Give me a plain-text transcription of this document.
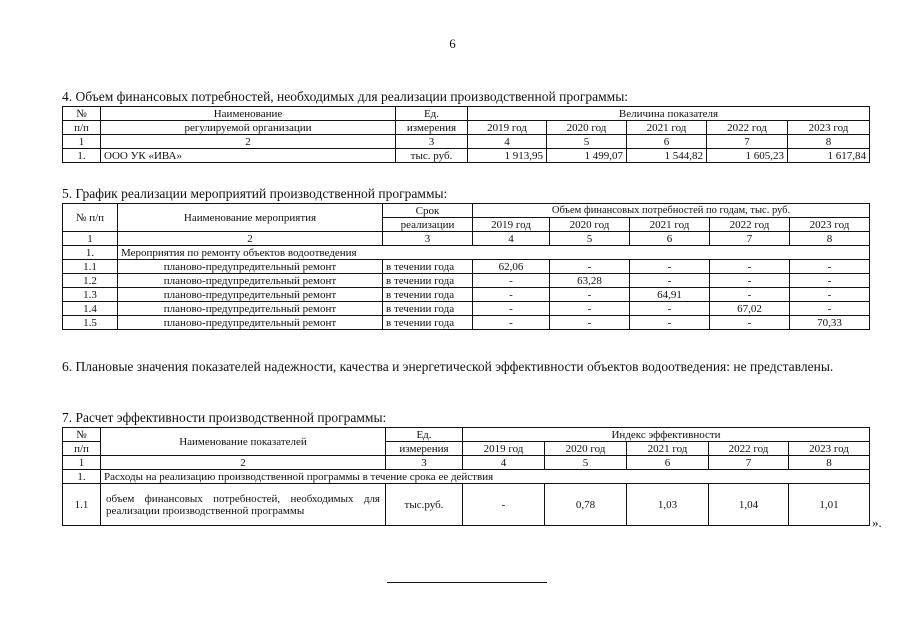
6
4. Объем финансовых потребностей, необходимых для реализации производственной программы:
№	Наименование	Ед.	Величина показателя				
п/п	регулируемой организации	измерения	2019 год	2020 год	2021 год	2022 год	2023 год
1	2	3	4	5	6	7	8
1.	ООО УК «ИВА»	тыс. руб.	1 913,95	1 499,07	1 544,82	1 605,23	1 617,84
5. График реализации мероприятий производственной программы:
№ п/п	Наименование мероприятия	Срок	Объем финансовых потребностей по годам, тыс. руб.				
		реализации	2019 год	2020 год	2021 год	2022 год	2023 год
1	2	3	4	5	6	7	8
1.	Мероприятия по ремонту объектов водоотведения						
1.1	планово-предупредительный ремонт	в течении года	62,06	-	-	-	-
1.2	планово-предупредительный ремонт	в течении года	-	63,28	-	-	-
1.3	планово-предупредительный ремонт	в течении года	-	-	64,91	-	-
1.4	планово-предупредительный ремонт	в течении года	-	-	-	67,02	-
1.5	планово-предупредительный ремонт	в течении года	-	-	-	-	70,33
6. Плановые значения показателей надежности, качества и энергетической эффективности объектов водоотведения: не представлены.
7. Расчет эффективности производственной программы:
№	Наименование показателей	Ед.	Индекс эффективности				
п/п		измерения	2019 год	2020 год	2021 год	2022 год	2023 год
1	2	3	4	5	6	7	8
1.	Расходы на реализацию производственной программы в течение срока ее действия						
1.1	объем финансовых потребностей, необходимых для реализации производственной программы	тыс.руб.	-	0,78	1,03	1,04	1,01
».
